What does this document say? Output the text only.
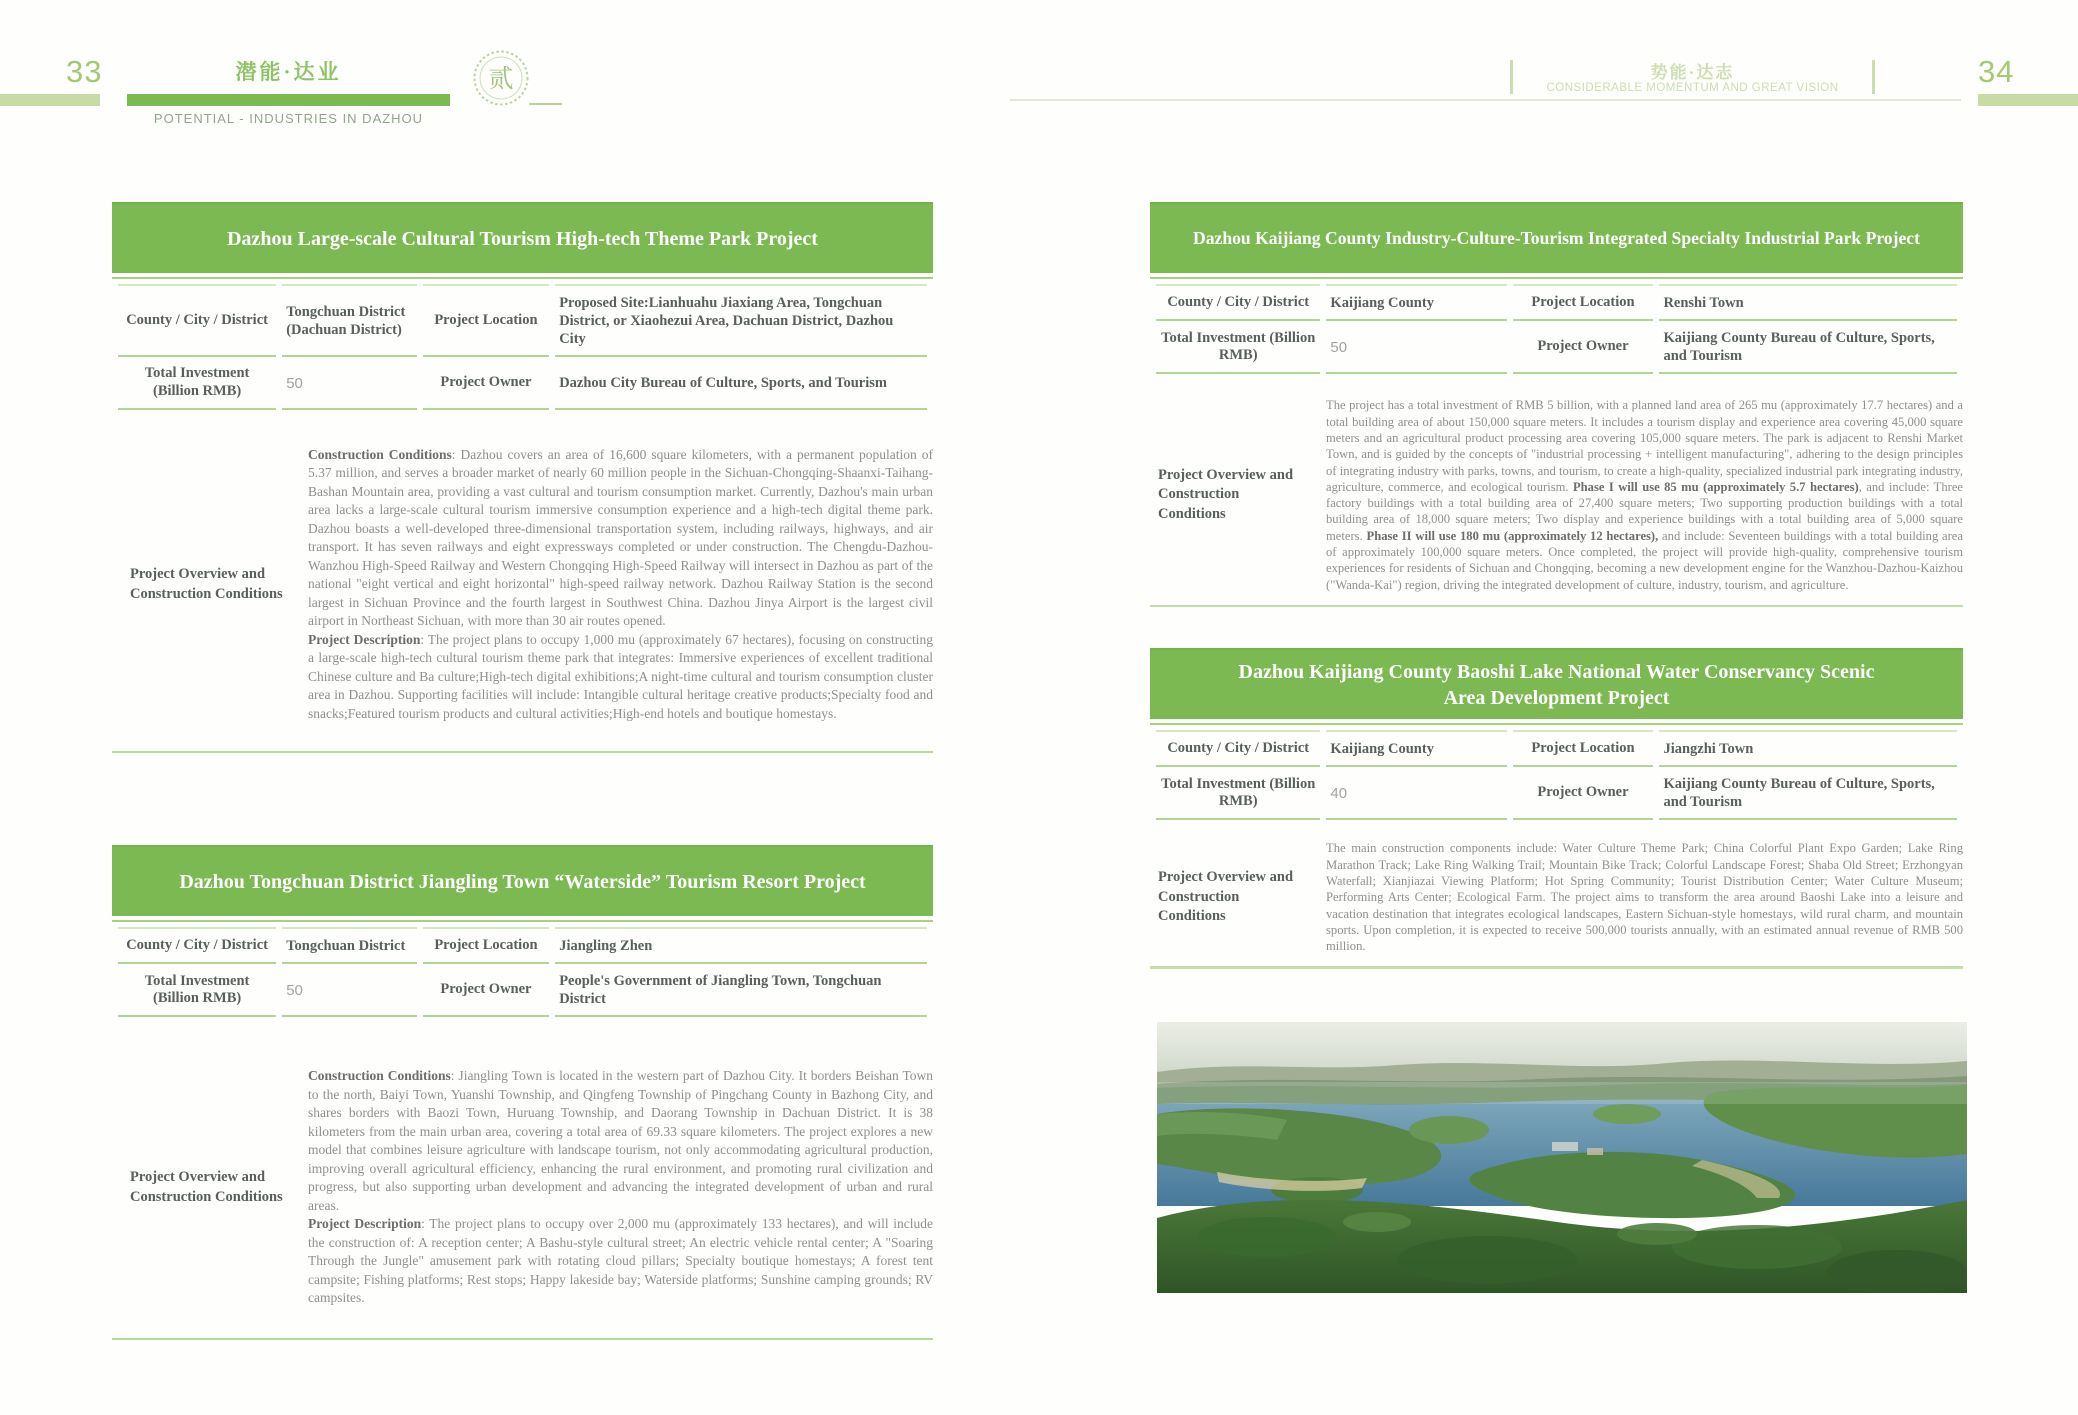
33	潜能·达业
POTENTIAL - INDUSTRIES IN DAZHOU
贰	势能·达志
CONSIDERABLE MOMENTUM AND GREAT VISION	34
Dazhou Large-scale Cultural Tourism High-tech Theme Park Project
County / City / District	Tongchuan District (Dachuan District)	Project Location	Proposed Site:Lianhuahu Jiaxiang Area, Tongchuan District, or Xiaohezui Area, Dachuan District, Dazhou City
Total Investment (Billion RMB)	50	Project Owner	Dazhou City Bureau of Culture, Sports, and Tourism
Project Overview and Construction Conditions

Construction Conditions: Dazhou covers an area of 16,600 square kilometers, with a permanent population of 5.37 million, and serves a broader market of nearly 60 million people in the Sichuan-Chongqing-Shaanxi-Taihang-Bashan Mountain area, providing a vast cultural and tourism consumption market. Currently, Dazhou's main urban area lacks a large-scale cultural tourism immersive consumption experience and a high-tech digital theme park. Dazhou boasts a well-developed three-dimensional transportation system, including railways, highways, and air transport. It has seven railways and eight expressways completed or under construction. The Chengdu-Dazhou-Wanzhou High-Speed Railway and Western Chongqing High-Speed Railway will intersect in Dazhou as part of the national "eight vertical and eight horizontal" high-speed railway network. Dazhou Railway Station is the second largest in Sichuan Province and the fourth largest in Southwest China. Dazhou Jinya Airport is the largest civil airport in Northeast Sichuan, with more than 30 air routes opened.

Project Description: The project plans to occupy 1,000 mu (approximately 67 hectares), focusing on constructing a large-scale high-tech cultural tourism theme park that integrates: Immersive experiences of excellent traditional Chinese culture and Ba culture;High-tech digital exhibitions;A night-time cultural and tourism consumption cluster area in Dazhou. Supporting facilities will include: Intangible cultural heritage creative products;Specialty food and snacks;Featured tourism products and cultural activities;High-end hotels and boutique homestays.

Dazhou Tongchuan District Jiangling Town “Waterside” Tourism Resort Project
County / City / District	Tongchuan District	Project Location	Jiangling Zhen
Total Investment (Billion RMB)	50	Project Owner	People's Government of Jiangling Town, Tongchuan District
Project Overview and Construction Conditions

Construction Conditions: Jiangling Town is located in the western part of Dazhou City. It borders Beishan Town to the north, Baiyi Town, Yuanshi Township, and Qingfeng Township of Pingchang County in Bazhong City, and shares borders with Baozi Town, Huruang Township, and Daorang Township in Dachuan District. It is 38 kilometers from the main urban area, covering a total area of 69.33 square kilometers. The project explores a new model that combines leisure agriculture with landscape tourism, not only accommodating agricultural production, improving overall agricultural efficiency, enhancing the rural environment, and promoting rural civilization and progress, but also supporting urban development and advancing the integrated development of urban and rural areas.

Project Description: The project plans to occupy over 2,000 mu (approximately 133 hectares), and will include the construction of: A reception center; A Bashu-style cultural street; An electric vehicle rental center; A "Soaring Through the Jungle" amusement park with rotating cloud pillars; Specialty boutique homestays; A forest tent campsite; Fishing platforms; Rest stops; Happy lakeside bay; Waterside platforms; Sunshine camping grounds; RV campsites.

Dazhou Kaijiang County Industry-Culture-Tourism Integrated Specialty Industrial Park Project
County / City / District	Kaijiang County	Project Location	Renshi Town
Total Investment (Billion RMB)	50	Project Owner	Kaijiang County Bureau of Culture, Sports, and Tourism
Project Overview and Construction Conditions

The project has a total investment of RMB 5 billion, with a planned land area of 265 mu (approximately 17.7 hectares) and a total building area of about 150,000 square meters. It includes a tourism display and experience area covering 45,000 square meters and an agricultural product processing area covering 105,000 square meters. The park is adjacent to Renshi Market Town, and is guided by the concepts of "industrial processing + intelligent manufacturing", adhering to the design principles of integrating industry with parks, towns, and tourism, to create a high-quality, specialized industrial park integrating industry, agriculture, commerce, and ecological tourism. Phase I will use 85 mu (approximately 5.7 hectares), and include: Three factory buildings with a total building area of 27,400 square meters; Two supporting production buildings with a total building area of 18,000 square meters; Two display and experience buildings with a total building area of 5,000 square meters. Phase II will use 180 mu (approximately 12 hectares), and include: Seventeen buildings with a total building area of approximately 100,000 square meters. Once completed, the project will provide high-quality, comprehensive tourism experiences for residents of Sichuan and Chongqing, becoming a new development engine for the Wanzhou-Dazhou-Kaizhou ("Wanda-Kai") region, driving the integrated development of culture, industry, tourism, and agriculture.

Dazhou Kaijiang County Baoshi Lake National Water Conservancy Scenic Area Development Project
County / City / District	Kaijiang County	Project Location	Jiangzhi Town
Total Investment (Billion RMB)	40	Project Owner	Kaijiang County Bureau of Culture, Sports, and Tourism
Project Overview and Construction Conditions

The main construction components include: Water Culture Theme Park; China Colorful Plant Expo Garden; Lake Ring Marathon Track; Lake Ring Walking Trail; Mountain Bike Track; Colorful Landscape Forest; Shaba Old Street; Erzhongyan Waterfall; Xianjiazai Viewing Platform; Hot Spring Community; Tourist Distribution Center; Water Culture Museum; Performing Arts Center; Ecological Farm. The project aims to transform the area around Baoshi Lake into a leisure and vacation destination that integrates ecological landscapes, Eastern Sichuan-style homestays, wild rural charm, and mountain sports. Upon completion, it is expected to receive 500,000 tourists annually, with an estimated annual revenue of RMB 500 million.
